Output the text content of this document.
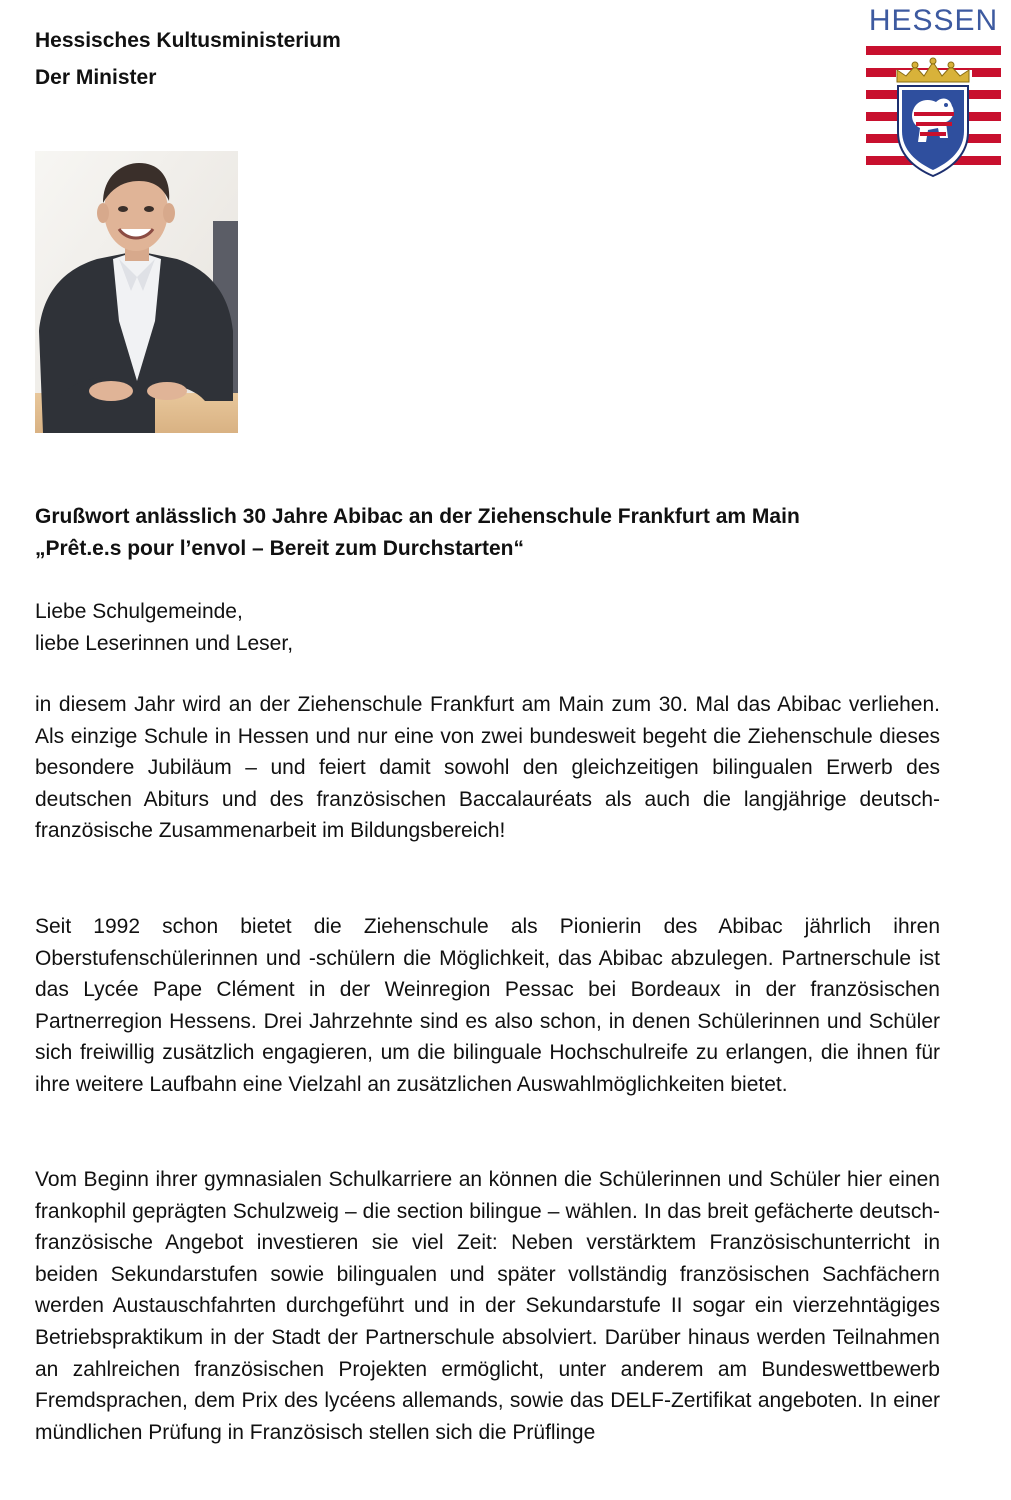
Hessisches Kultusministerium
Der Minister
HESSEN
Grußwort anlässlich 30 Jahre Abibac an der Ziehenschule Frankfurt am Main
„Prêt.e.s pour l’envol – Bereit zum Durchstarten“
Liebe Schulgemeinde,
liebe Leserinnen und Leser,

in diesem Jahr wird an der Ziehenschule Frankfurt am Main zum 30. Mal das Abibac verliehen. Als einzige Schule in Hessen und nur eine von zwei bundesweit begeht die Ziehenschule dieses besondere Jubiläum – und feiert damit sowohl den gleichzeitigen bilingualen Erwerb des deutschen Abiturs und des französischen Baccalauréats als auch die langjährige deutsch-französische Zusammenarbeit im Bildungsbereich!

Seit 1992 schon bietet die Ziehenschule als Pionierin des Abibac jährlich ihren Oberstufenschülerinnen und -schülern die Möglichkeit, das Abibac abzulegen. Partnerschule ist das Lycée Pape Clément in der Weinregion Pessac bei Bordeaux in der französischen Partnerregion Hessens. Drei Jahrzehnte sind es also schon, in denen Schülerinnen und Schüler sich freiwillig zusätzlich engagieren, um die bilinguale Hochschulreife zu erlangen, die ihnen für ihre weitere Laufbahn eine Vielzahl an zusätzlichen Auswahlmöglichkeiten bietet.

Vom Beginn ihrer gymnasialen Schulkarriere an können die Schülerinnen und Schüler hier einen frankophil geprägten Schulzweig – die section bilingue – wählen. In das breit gefächerte deutsch-französische Angebot investieren sie viel Zeit: Neben verstärktem Französischunterricht in beiden Sekundarstufen sowie bilingualen und später vollständig französischen Sachfächern werden Austauschfahrten durchgeführt und in der Sekundarstufe II sogar ein vierzehntägiges Betriebspraktikum in der Stadt der Partnerschule absolviert. Darüber hinaus werden Teilnahmen an zahlreichen französischen Projekten ermöglicht, unter anderem am Bundeswettbewerb Fremdsprachen, dem Prix des lycéens allemands, sowie das DELF-Zertifikat angeboten. In einer mündlichen Prüfung in Französisch stellen sich die Prüflinge
